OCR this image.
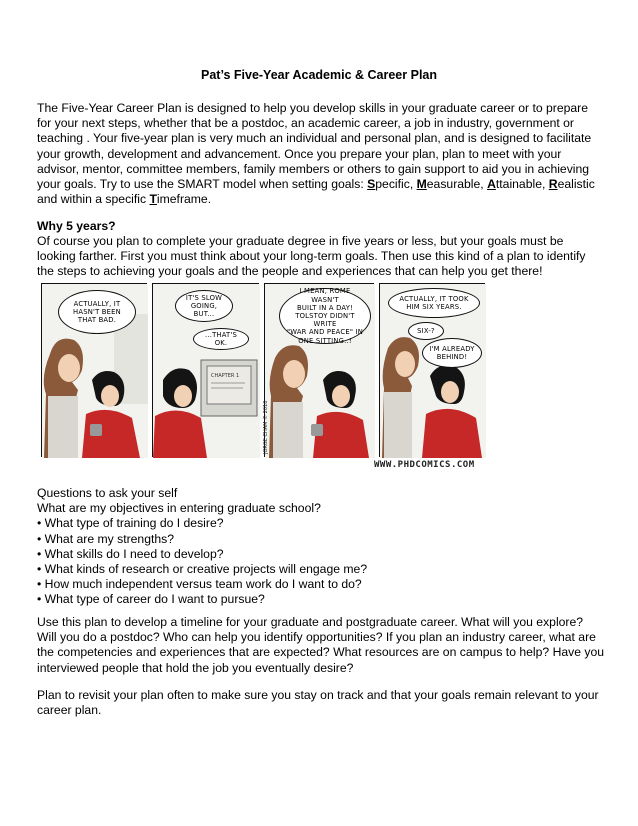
Pat’s Five-Year Academic & Career Plan

The Five-Year Career Plan is designed to help you develop skills in your graduate career or to prepare for your next steps, whether that be a postdoc, an academic career, a job in industry, government or teaching . Your five-year plan is very much an individual and personal plan, and is designed to facilitate your growth, development and advancement. Once you prepare your plan, plan to meet with your advisor, mentor, committee members, family members or others to gain support to aid you in achieving your goals. Try to use the SMART model when setting goals: Specific, Measurable, Attainable, Realistic and within a specific Timeframe.

Why 5 years?

Of course you plan to complete your graduate degree in five years or less, but your goals must be looking farther. First you must think about your long-term goals. Then use this kind of a plan to identify the steps to achieving your goals and the people and experiences that can help you get there!

ACTUALLY, IT
HASN'T BEEN
THAT BAD.
CHAPTER 1
IT'S SLOW
GOING, BUT...
...THAT'S OK.
I MEAN, ROME WASN'T
BUILT IN A DAY!
TOLSTOY DIDN'T WRITE
"WAR AND PEACE" IN
ONE SITTING..!
JORGE CHAM © 2010
ACTUALLY, IT TOOK
HIM SIX YEARS.
SIX-?
I'M ALREADY
BEHIND!
WWW.PHDCOMICS.COM
Questions to ask your self
What are my objectives in entering graduate school?
• What type of training do I desire?
• What are my strengths?
• What skills do I need to develop?
• What kinds of research or creative projects will engage me?
• How much independent versus team work do I want to do?
• What type of career do I want to pursue?

Use this plan to develop a timeline for your graduate and postgraduate career. What will you explore? Will you do a postdoc? Who can help you identify opportunities? If you plan an industry career, what are the competencies and experiences that are expected? What resources are on campus to help? Have you interviewed people that hold the job you eventually desire?

Plan to revisit your plan often to make sure you stay on track and that your goals remain relevant to your career plan.
